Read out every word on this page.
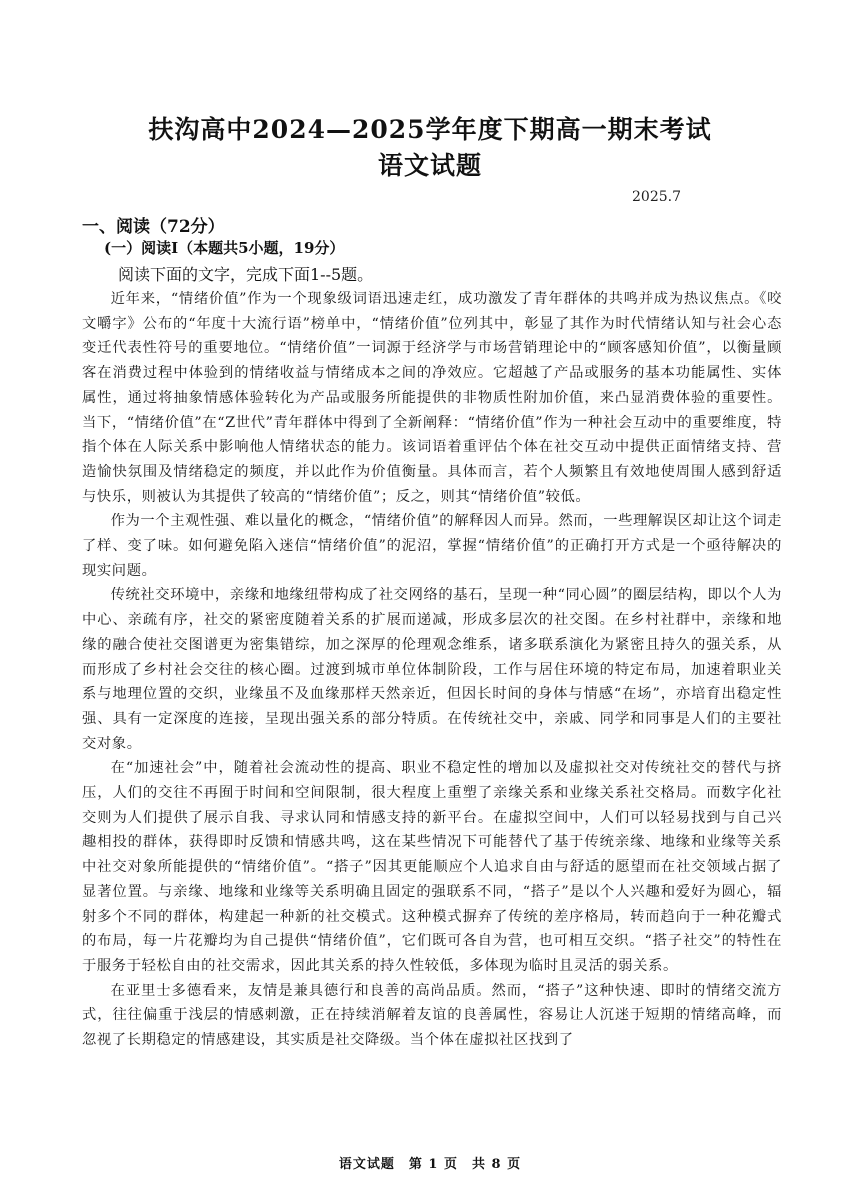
扶沟高中2024—2025学年度下期高一期末考试
语文试题
2025.7
一、阅读（72分）
(一）阅读Ⅰ（本题共5小题，19分）
阅读下面的文字，完成下面1--5题。

近年来，“情绪价值”作为一个现象级词语迅速走红，成功激发了青年群体的共鸣并成为热议焦点。《咬文嚼字》公布的“年度十大流行语”榜单中，“情绪价值”位列其中，彰显了其作为时代情绪认知与社会心态变迁代表性符号的重要地位。“情绪价值”一词源于经济学与市场营销理论中的“顾客感知价值”，以衡量顾客在消费过程中体验到的情绪收益与情绪成本之间的净效应。它超越了产品或服务的基本功能属性、实体属性，通过将抽象情感体验转化为产品或服务所能提供的非物质性附加价值，来凸显消费体验的重要性。当下，“情绪价值”在“Z世代”青年群体中得到了全新阐释：“情绪价值”作为一种社会互动中的重要维度，特指个体在人际关系中影响他人情绪状态的能力。该词语着重评估个体在社交互动中提供正面情绪支持、营造愉快氛围及情绪稳定的频度，并以此作为价值衡量。具体而言，若个人频繁且有效地使周围人感到舒适与快乐，则被认为其提供了较高的“情绪价值”；反之，则其“情绪价值”较低。

作为一个主观性强、难以量化的概念，“情绪价值”的解释因人而异。然而，一些理解误区却让这个词走了样、变了味。如何避免陷入迷信“情绪价值”的泥沼，掌握“情绪价值”的正确打开方式是一个亟待解决的现实问题。

传统社交环境中，亲缘和地缘纽带构成了社交网络的基石，呈现一种“同心圆”的圈层结构，即以个人为中心、亲疏有序，社交的紧密度随着关系的扩展而递减，形成多层次的社交图。在乡村社群中，亲缘和地缘的融合使社交图谱更为密集错综，加之深厚的伦理观念维系，诸多联系演化为紧密且持久的强关系，从而形成了乡村社会交往的核心圈。过渡到城市单位体制阶段，工作与居住环境的特定布局，加速着职业关系与地理位置的交织，业缘虽不及血缘那样天然亲近，但因长时间的身体与情感“在场”，亦培育出稳定性强、具有一定深度的连接，呈现出强关系的部分特质。在传统社交中，亲戚、同学和同事是人们的主要社交对象。

在“加速社会”中，随着社会流动性的提高、职业不稳定性的增加以及虚拟社交对传统社交的替代与挤压，人们的交往不再囿于时间和空间限制，很大程度上重塑了亲缘关系和业缘关系社交格局。而数字化社交则为人们提供了展示自我、寻求认同和情感支持的新平台。在虚拟空间中，人们可以轻易找到与自己兴趣相投的群体，获得即时反馈和情感共鸣，这在某些情况下可能替代了基于传统亲缘、地缘和业缘等关系中社交对象所能提供的“情绪价值”。“搭子”因其更能顺应个人追求自由与舒适的愿望而在社交领域占据了显著位置。与亲缘、地缘和业缘等关系明确且固定的强联系不同，“搭子”是以个人兴趣和爱好为圆心，辐射多个不同的群体，构建起一种新的社交模式。这种模式摒弃了传统的差序格局，转而趋向于一种花瓣式的布局，每一片花瓣均为自己提供“情绪价值”，它们既可各自为营，也可相互交织。“搭子社交”的特性在于服务于轻松自由的社交需求，因此其关系的持久性较低，多体现为临时且灵活的弱关系。

在亚里士多德看来，友情是兼具德行和良善的高尚品质。然而，“搭子”这种快速、即时的情绪交流方式，往往偏重于浅层的情感刺激，正在持续消解着友谊的良善属性，容易让人沉迷于短期的情绪高峰，而忽视了长期稳定的情感建设，其实质是社交降级。当个体在虚拟社区找到了

语文试题　第 1 页　共 8 页
